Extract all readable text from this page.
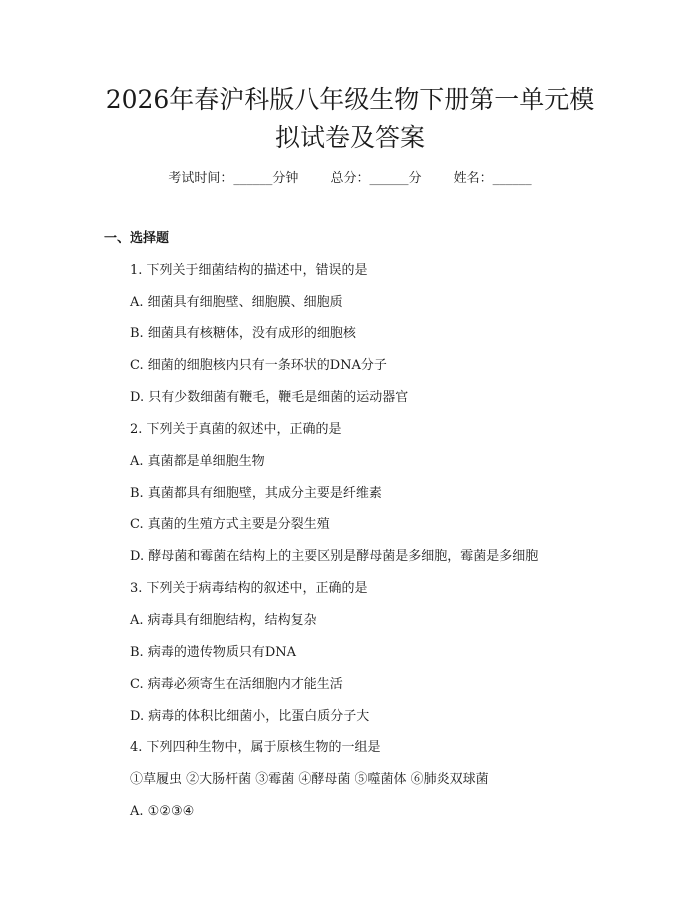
2026年春沪科版八年级生物下册第一单元模
拟试卷及答案
考试时间：______分钟 总分：______分 姓名：______
一、选择题
1. 下列关于细菌结构的描述中，错误的是
A. 细菌具有细胞壁、细胞膜、细胞质
B. 细菌具有核糖体，没有成形的细胞核
C. 细菌的细胞核内只有一条环状的DNA分子
D. 只有少数细菌有鞭毛，鞭毛是细菌的运动器官
2. 下列关于真菌的叙述中，正确的是
A. 真菌都是单细胞生物
B. 真菌都具有细胞壁，其成分主要是纤维素
C. 真菌的生殖方式主要是分裂生殖
D. 酵母菌和霉菌在结构上的主要区别是酵母菌是多细胞，霉菌是多细胞
3. 下列关于病毒结构的叙述中，正确的是
A. 病毒具有细胞结构，结构复杂
B. 病毒的遗传物质只有DNA
C. 病毒必须寄生在活细胞内才能生活
D. 病毒的体积比细菌小，比蛋白质分子大
4. 下列四种生物中，属于原核生物的一组是
①草履虫 ②大肠杆菌 ③霉菌 ④酵母菌 ⑤噬菌体 ⑥肺炎双球菌
A. ①②③④
